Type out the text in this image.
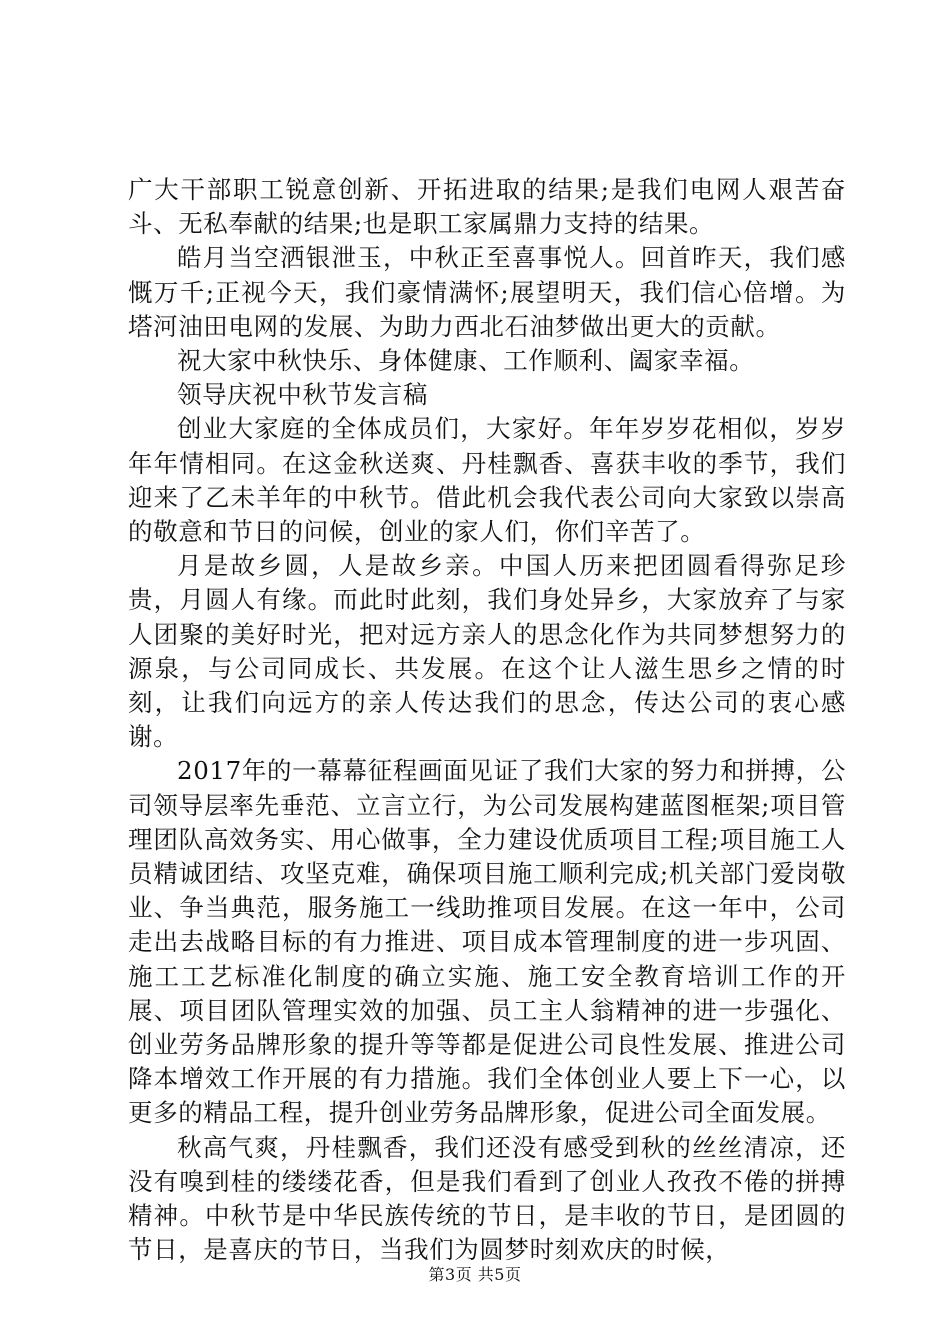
广大干部职工锐意创新、开拓进取的结果;是我们电网人艰苦奋斗、无私奉献的结果;也是职工家属鼎力支持的结果。

皓月当空洒银泄玉，中秋正至喜事悦人。回首昨天，我们感慨万千;正视今天，我们豪情满怀;展望明天，我们信心倍增。为塔河油田电网的发展、为助力西北石油梦做出更大的贡献。

祝大家中秋快乐、身体健康、工作顺利、阖家幸福。

领导庆祝中秋节发言稿

创业大家庭的全体成员们，大家好。年年岁岁花相似，岁岁年年情相同。在这金秋送爽、丹桂飘香、喜获丰收的季节，我们迎来了乙未羊年的中秋节。借此机会我代表公司向大家致以崇高的敬意和节日的问候，创业的家人们，你们辛苦了。

月是故乡圆，人是故乡亲。中国人历来把团圆看得弥足珍贵，月圆人有缘。而此时此刻，我们身处异乡，大家放弃了与家人团聚的美好时光，把对远方亲人的思念化作为共同梦想努力的源泉，与公司同成长、共发展。在这个让人滋生思乡之情的时刻，让我们向远方的亲人传达我们的思念，传达公司的衷心感谢。

2017年的一幕幕征程画面见证了我们大家的努力和拼搏，公司领导层率先垂范、立言立行，为公司发展构建蓝图框架;项目管理团队高效务实、用心做事，全力建设优质项目工程;项目施工人员精诚团结、攻坚克难，确保项目施工顺利完成;机关部门爱岗敬业、争当典范，服务施工一线助推项目发展。在这一年中，公司走出去战略目标的有力推进、项目成本管理制度的进一步巩固、施工工艺标准化制度的确立实施、施工安全教育培训工作的开展、项目团队管理实效的加强、员工主人翁精神的进一步强化、创业劳务品牌形象的提升等等都是促进公司良性发展、推进公司降本增效工作开展的有力措施。我们全体创业人要上下一心，以更多的精品工程，提升创业劳务品牌形象，促进公司全面发展。

秋高气爽，丹桂飘香，我们还没有感受到秋的丝丝清凉，还没有嗅到桂的缕缕花香，但是我们看到了创业人孜孜不倦的拼搏精神。中秋节是中华民族传统的节日，是丰收的节日，是团圆的节日，是喜庆的节日，当我们为圆梦时刻欢庆的时候，

第3页 共5页
